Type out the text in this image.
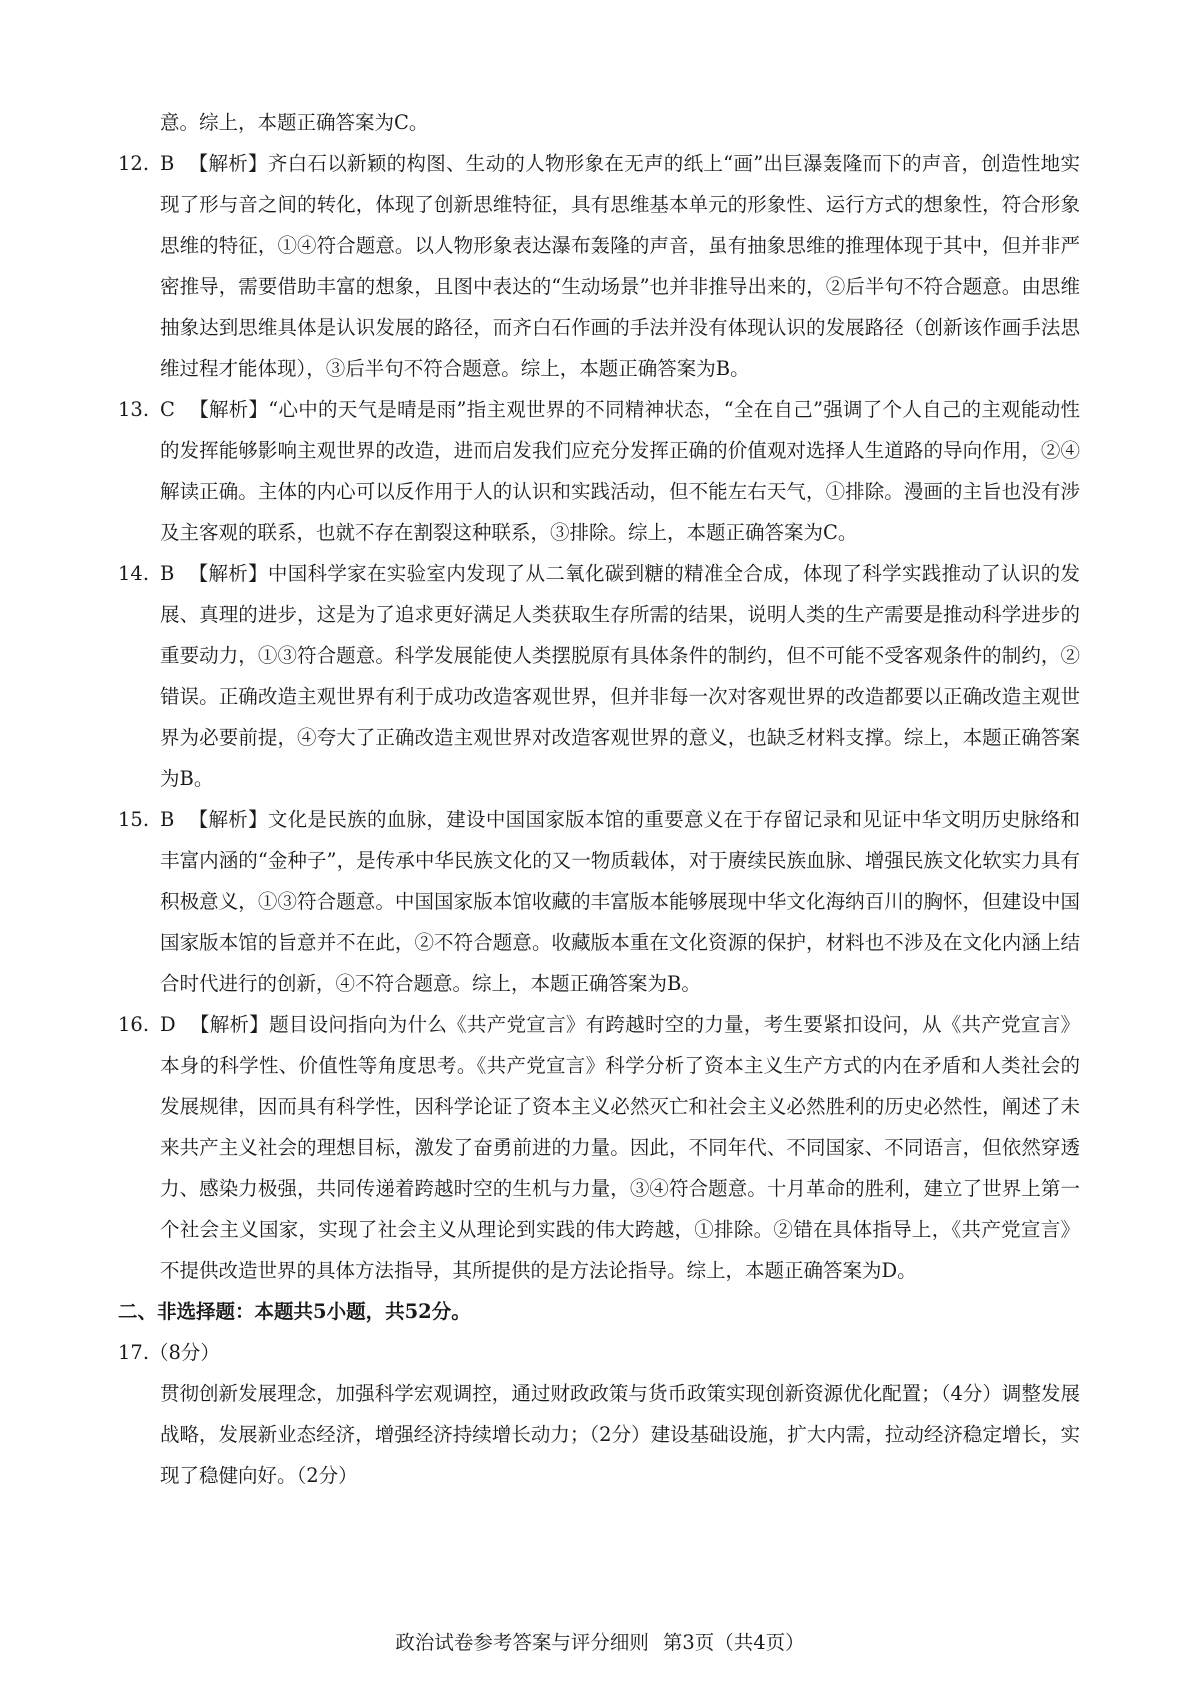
意。综上，本题正确答案为C。

12. B 【解析】齐白石以新颖的构图、生动的人物形象在无声的纸上“画”出巨瀑轰隆而下的声音，创造性地实现了形与音之间的转化，体现了创新思维特征，具有思维基本单元的形象性、运行方式的想象性，符合形象思维的特征，①④符合题意。以人物形象表达瀑布轰隆的声音，虽有抽象思维的推理体现于其中，但并非严密推导，需要借助丰富的想象，且图中表达的“生动场景”也并非推导出来的，②后半句不符合题意。由思维抽象达到思维具体是认识发展的路径，而齐白石作画的手法并没有体现认识的发展路径（创新该作画手法思维过程才能体现），③后半句不符合题意。综上，本题正确答案为B。
13. C 【解析】“心中的天气是晴是雨”指主观世界的不同精神状态，“全在自己”强调了个人自己的主观能动性的发挥能够影响主观世界的改造，进而启发我们应充分发挥正确的价值观对选择人生道路的导向作用，②④解读正确。主体的内心可以反作用于人的认识和实践活动，但不能左右天气，①排除。漫画的主旨也没有涉及主客观的联系，也就不存在割裂这种联系，③排除。综上，本题正确答案为C。
14. B 【解析】中国科学家在实验室内发现了从二氧化碳到糖的精准全合成，体现了科学实践推动了认识的发展、真理的进步，这是为了追求更好满足人类获取生存所需的结果，说明人类的生产需要是推动科学进步的重要动力，①③符合题意。科学发展能使人类摆脱原有具体条件的制约，但不可能不受客观条件的制约，②错误。正确改造主观世界有利于成功改造客观世界，但并非每一次对客观世界的改造都要以正确改造主观世界为必要前提，④夸大了正确改造主观世界对改造客观世界的意义，也缺乏材料支撑。综上，本题正确答案为B。
15. B 【解析】文化是民族的血脉，建设中国国家版本馆的重要意义在于存留记录和见证中华文明历史脉络和丰富内涵的“金种子”，是传承中华民族文化的又一物质载体，对于赓续民族血脉、增强民族文化软实力具有积极意义，①③符合题意。中国国家版本馆收藏的丰富版本能够展现中华文化海纳百川的胸怀，但建设中国国家版本馆的旨意并不在此，②不符合题意。收藏版本重在文化资源的保护，材料也不涉及在文化内涵上结合时代进行的创新，④不符合题意。综上，本题正确答案为B。
16. D 【解析】题目设问指向为什么《共产党宣言》有跨越时空的力量，考生要紧扣设问，从《共产党宣言》本身的科学性、价值性等角度思考。《共产党宣言》科学分析了资本主义生产方式的内在矛盾和人类社会的发展规律，因而具有科学性，因科学论证了资本主义必然灭亡和社会主义必然胜利的历史必然性，阐述了未来共产主义社会的理想目标，激发了奋勇前进的力量。因此，不同年代、不同国家、不同语言，但依然穿透力、感染力极强，共同传递着跨越时空的生机与力量，③④符合题意。十月革命的胜利，建立了世界上第一个社会主义国家，实现了社会主义从理论到实践的伟大跨越，①排除。②错在具体指导上，《共产党宣言》不提供改造世界的具体方法指导，其所提供的是方法论指导。综上，本题正确答案为D。

二、非选择题：本题共5小题，共52分。

17.（8分）

贯彻创新发展理念，加强科学宏观调控，通过财政政策与货币政策实现创新资源优化配置；（4分）调整发展战略，发展新业态经济，增强经济持续增长动力；（2分）建设基础设施，扩大内需，拉动经济稳定增长，实现了稳健向好。（2分）

政治试卷参考答案与评分细则 第3页（共4页）
